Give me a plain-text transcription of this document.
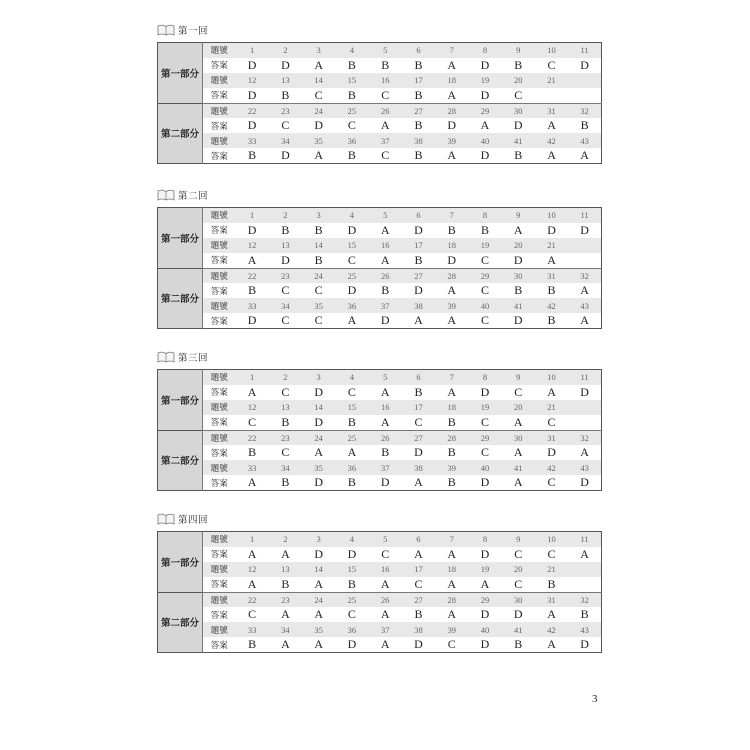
第一回
第一部分	題號	1	2	3	4	5	6	7	8	9	10	11
	答案	D	D	A	B	B	B	A	D	B	C	D
	題號	12	13	14	15	16	17	18	19	20	21	
	答案	D	B	C	B	C	B	A	D	C		
第二部分	題號	22	23	24	25	26	27	28	29	30	31	32
	答案	D	C	D	C	A	B	D	A	D	A	B
	題號	33	34	35	36	37	38	39	40	41	42	43
	答案	B	D	A	B	C	B	A	D	B	A	A
第二回
第一部分	題號	1	2	3	4	5	6	7	8	9	10	11
	答案	D	B	B	D	A	D	B	B	A	D	D
	題號	12	13	14	15	16	17	18	19	20	21	
	答案	A	D	B	C	A	B	D	C	D	A	
第二部分	題號	22	23	24	25	26	27	28	29	30	31	32
	答案	B	C	C	D	B	D	A	C	B	B	A
	題號	33	34	35	36	37	38	39	40	41	42	43
	答案	D	C	C	A	D	A	A	C	D	B	A
第三回
第一部分	題號	1	2	3	4	5	6	7	8	9	10	11
	答案	A	C	D	C	A	B	A	D	C	A	D
	題號	12	13	14	15	16	17	18	19	20	21	
	答案	C	B	D	B	A	C	B	C	A	C	
第二部分	題號	22	23	24	25	26	27	28	29	30	31	32
	答案	B	C	A	A	B	D	B	C	A	D	A
	題號	33	34	35	36	37	38	39	40	41	42	43
	答案	A	B	D	B	D	A	B	D	A	C	D
第四回
第一部分	題號	1	2	3	4	5	6	7	8	9	10	11
	答案	A	A	D	D	C	A	A	D	C	C	A
	題號	12	13	14	15	16	17	18	19	20	21	
	答案	A	B	A	B	A	C	A	A	C	B	
第二部分	題號	22	23	24	25	26	27	28	29	30	31	32
	答案	C	A	A	C	A	B	A	D	D	A	B
	題號	33	34	35	36	37	38	39	40	41	42	43
	答案	B	A	A	D	A	D	C	D	B	A	D
3
